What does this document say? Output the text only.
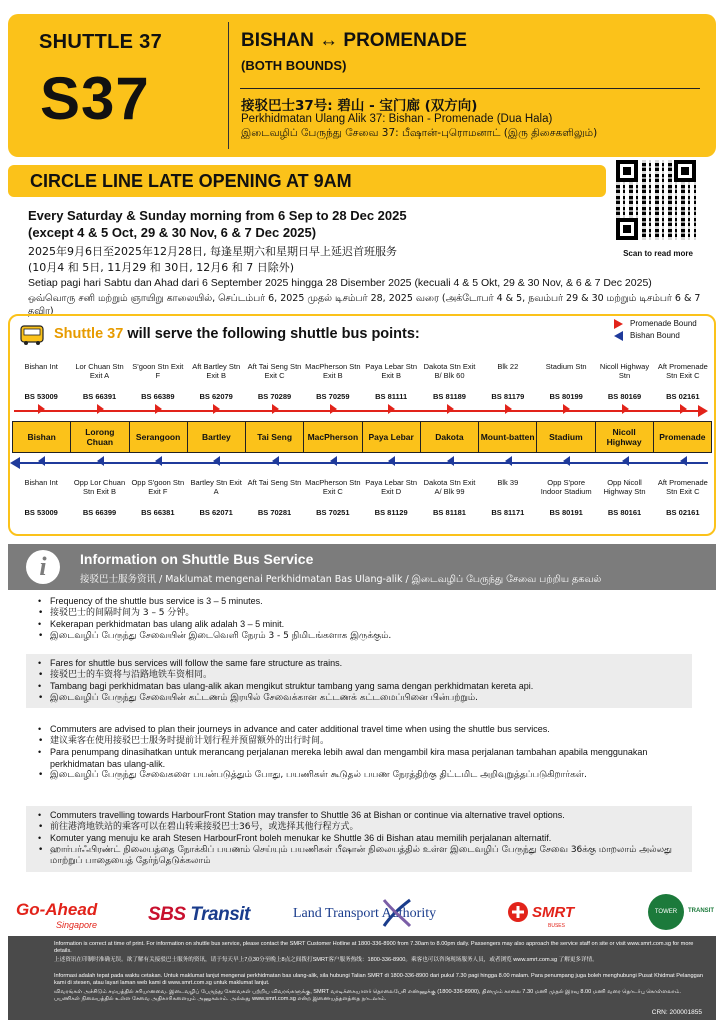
SHUTTLE 37
S37
BISHAN ↔ PROMENADE
(BOTH BOUNDS)
接驳巴士37号: 碧山 - 宝门廊 (双方向)
Perkhidmatan Ulang Alik 37: Bishan - Promenade (Dua Hala)
இடைவழிப் பேருந்து சேவை 37: பீஷான்-புரொமனாட் (இரு திசைகளிலும்)
CIRCLE LINE LATE OPENING AT 9AM
Scan to read more
Every Saturday & Sunday morning from 6 Sep to 28 Dec 2025
(except 4 & 5 Oct, 29 & 30 Nov, 6 & 7 Dec 2025)
2025年9月6日至2025年12月28日, 每逢星期六和星期日早上延迟首班服务
(10月4 和 5日, 11月29 和 30日, 12月6 和 7 日除外)
Setiap pagi hari Sabtu dan Ahad dari 6 September 2025 hingga 28 Disember 2025 (kecuali 4 & 5 Okt, 29 & 30 Nov, & 6 & 7 Dec 2025)
ஒவ்வொரு சனி மற்றும் ஞாயிறு காலையில், செப்டம்பர் 6, 2025 முதல் டிசம்பர் 28, 2025 வரை (அக்டோபர் 4 & 5, நவம்பர் 29 & 30 மற்றும் டிசம்பர் 6 & 7 தவிர)
Shuttle 37 will serve the following shuttle bus points:
Promenade Bound
Bishan Bound
Bishan Int
BS 53009
Lor Chuan Stn Exit A
BS 66391
S'goon Stn Exit F
BS 66389
Aft Bartley Stn Exit B
BS 62079
Aft Tai Seng Stn Exit C
BS 70289
MacPherson Stn Exit B
BS 70259
Paya Lebar Stn Exit B
BS 81111
Dakota Stn Exit B/ Blk 60
BS 81189
Blk 22
BS 81179
Stadium Stn
BS 80199
Nicoll Highway Stn
BS 80169
Aft Promenade Stn Exit C
BS 02161
Bishan	Lorong Chuan	Serangoon	Bartley	Tai Seng	MacPherson	Paya Lebar	Dakota	Mount-batten	Stadium	Nicoll Highway	Promenade
Bishan Int
BS 53009
Opp Lor Chuan Stn Exit B
BS 66399
Opp S'goon Stn Exit F
BS 66381
Bartley Stn Exit A
BS 62071
Aft Tai Seng Stn
BS 70281
MacPherson Stn Exit C
BS 70251
Paya Lebar Stn Exit D
BS 81129
Dakota Stn Exit A/ Blk 99
BS 81181
Blk 39
BS 81171
Opp S'pore Indoor Stadium
BS 80191
Opp Nicoll Highway Stn
BS 80161
Aft Promenade Stn Exit C
BS 02161
i	Information on Shuttle Bus Service
接驳巴士服务资讯 / Maklumat mengenai Perkhidmatan Bas Ulang-alik / இடைவழிப் பேருந்து சேவை பற்றிய தகவல்
• Frequency of the shuttle bus service is 3 – 5 minutes.
• 接驳巴士的间隔时间为 3 – 5 分钟。
• Kekerapan perkhidmatan bas ulang alik adalah 3 – 5 minit.
• இடைவழிப் பேருந்து சேவையின் இடைவெளி நேரம் 3 - 5 நிமிடங்களாக இருக்கும்.
• Fares for shuttle bus services will follow the same fare structure as trains.
• 接驳巴士的车资将与沿路地铁车资相同。
• Tambang bagi perkhidmatan bas ulang-alik akan mengikut struktur tambang yang sama dengan perkhidmatan kereta api.
• இடைவழிப் பேருந்து சேவையின் கட்டணம் இரயில் சேவைக்கான கட்டணக் கட்டமைப்பினை பின்பற்றும்.
• Commuters are advised to plan their journeys in advance and cater additional travel time when using the shuttle bus services.
• 建议乘客在使用接驳巴士服务时提前计划行程并预留额外的出行时间。
• Para penumpang dinasihatkan untuk merancang perjalanan mereka lebih awal dan mengambil kira masa perjalanan tambahan apabila menggunakan perkhidmatan bas ulang-alik.
• இடைவழிப் பேருந்து சேவைகளை பயன்படுத்தும் போது, பயணிகள் கூடுதல் பயண நேரத்திற்கு திட்டமிட அறிவுறுத்தப்படுகிறார்கள்.
• Commuters travelling towards HarbourFront Station may transfer to Shuttle 36 at Bishan or continue via alternative travel options.
• 前往港湾地铁站的乘客可以在碧山转乘接驳巴士36号，或选择其他行程方式。
• Komuter yang menuju ke arah Stesen HarbourFront boleh menukar ke Shuttle 36 di Bishan atau memilih perjalanan alternatif.
• ஹார்பர்ஃபிரண்ட் நிலையத்தை நோக்கிப் பயணம் செய்யும் பயணிகள் பீஷான் நிலையத்தில் உள்ள இடைவழிப் பேருந்து சேவை 36க்கு மாறலாம் அல்லது மாற்றுப் பாதையைத் தேர்ந்தெடுக்கலாம்
Go-Ahead
Singapore	SBS Transit	Land Transport Authority	SMRT
BUSES
TOWER	TRANSIT

Information is correct at time of print. For information on shuttle bus service, please contact the SMRT Customer Hotline at 1800-336-8900 from 7.30am to 8.00pm daily. Passengers may also approach the service staff on site or visit www.smrt.com.sg for more details.

上述资讯在印制时准确无误。欲了解有关接驳巴士服务的资讯，请于每天早上7点30分至晚上8点之间拨打SMRT客户服务热线：1800-336-8900。乘客也可以咨询现场服务人员，或者浏览 www.smrt.com.sg 了解更多详情。

Informasi adalah tepat pada waktu cetakan. Untuk maklumat lanjut mengenai perkhidmatan bas ulang-alik, sila hubungi Talian SMRT di 1800-336-8900 dari pukul 7.30 pagi hingga 8.00 malam. Para penumpang juga boleh menghubungi Pusat Khidmat Pelanggan kami di stesen, atau layari laman web kami di www.smrt.com.sg untuk maklumat lanjut.

விவரங்கள் அச்சிடும் சமயத்தில் சரியானவை. இடைவழிப் பேருந்து சேவைகள் பற்றிய விவரங்களுக்கு, SMRT வாடிக்கையாளர் தொலைபேசி எண்ணுக்கு (1800-336-8900), தினமும் காலை 7.30 மணி முதல் இரவு 8.00 மணி வரை தொடர்பு கொள்ளலாம். பயணிகள் நிலையத்தில் உள்ள சேவை அதிகாரிகளையும் அணுகலாம். அல்லது www.smrt.com.sg என்ற இணையத்தளத்தை நாடலாம்.

CRN: 200001855
